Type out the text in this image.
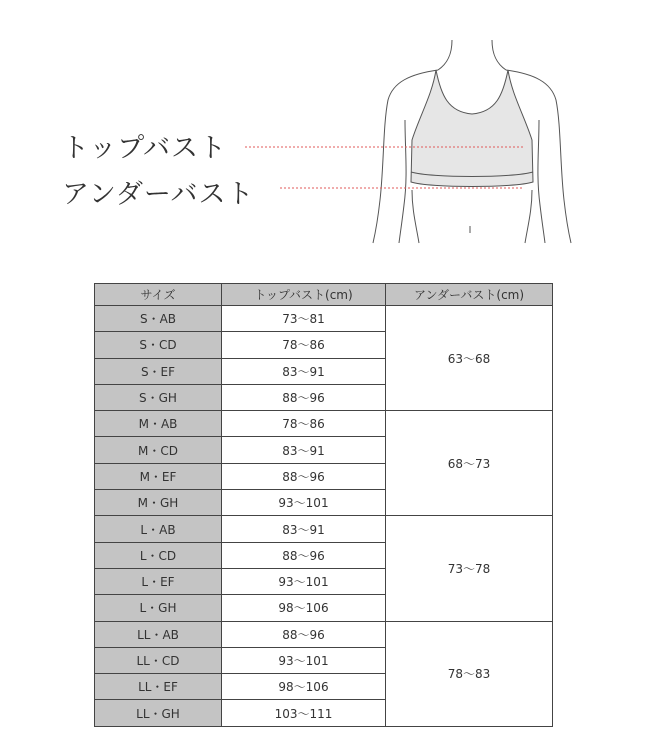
トップバスト
アンダーバスト
サイズ	トップバスト(cm)	アンダーバスト(cm)
S・AB	73〜81	63〜68
S・CD	78〜86	
S・EF	83〜91	
S・GH	88〜96	
M・AB	78〜86	68〜73
M・CD	83〜91	
M・EF	88〜96	
M・GH	93〜101	
L・AB	83〜91	73〜78
L・CD	88〜96	
L・EF	93〜101	
L・GH	98〜106	
LL・AB	88〜96	78〜83
LL・CD	93〜101	
LL・EF	98〜106	
LL・GH	103〜111	
